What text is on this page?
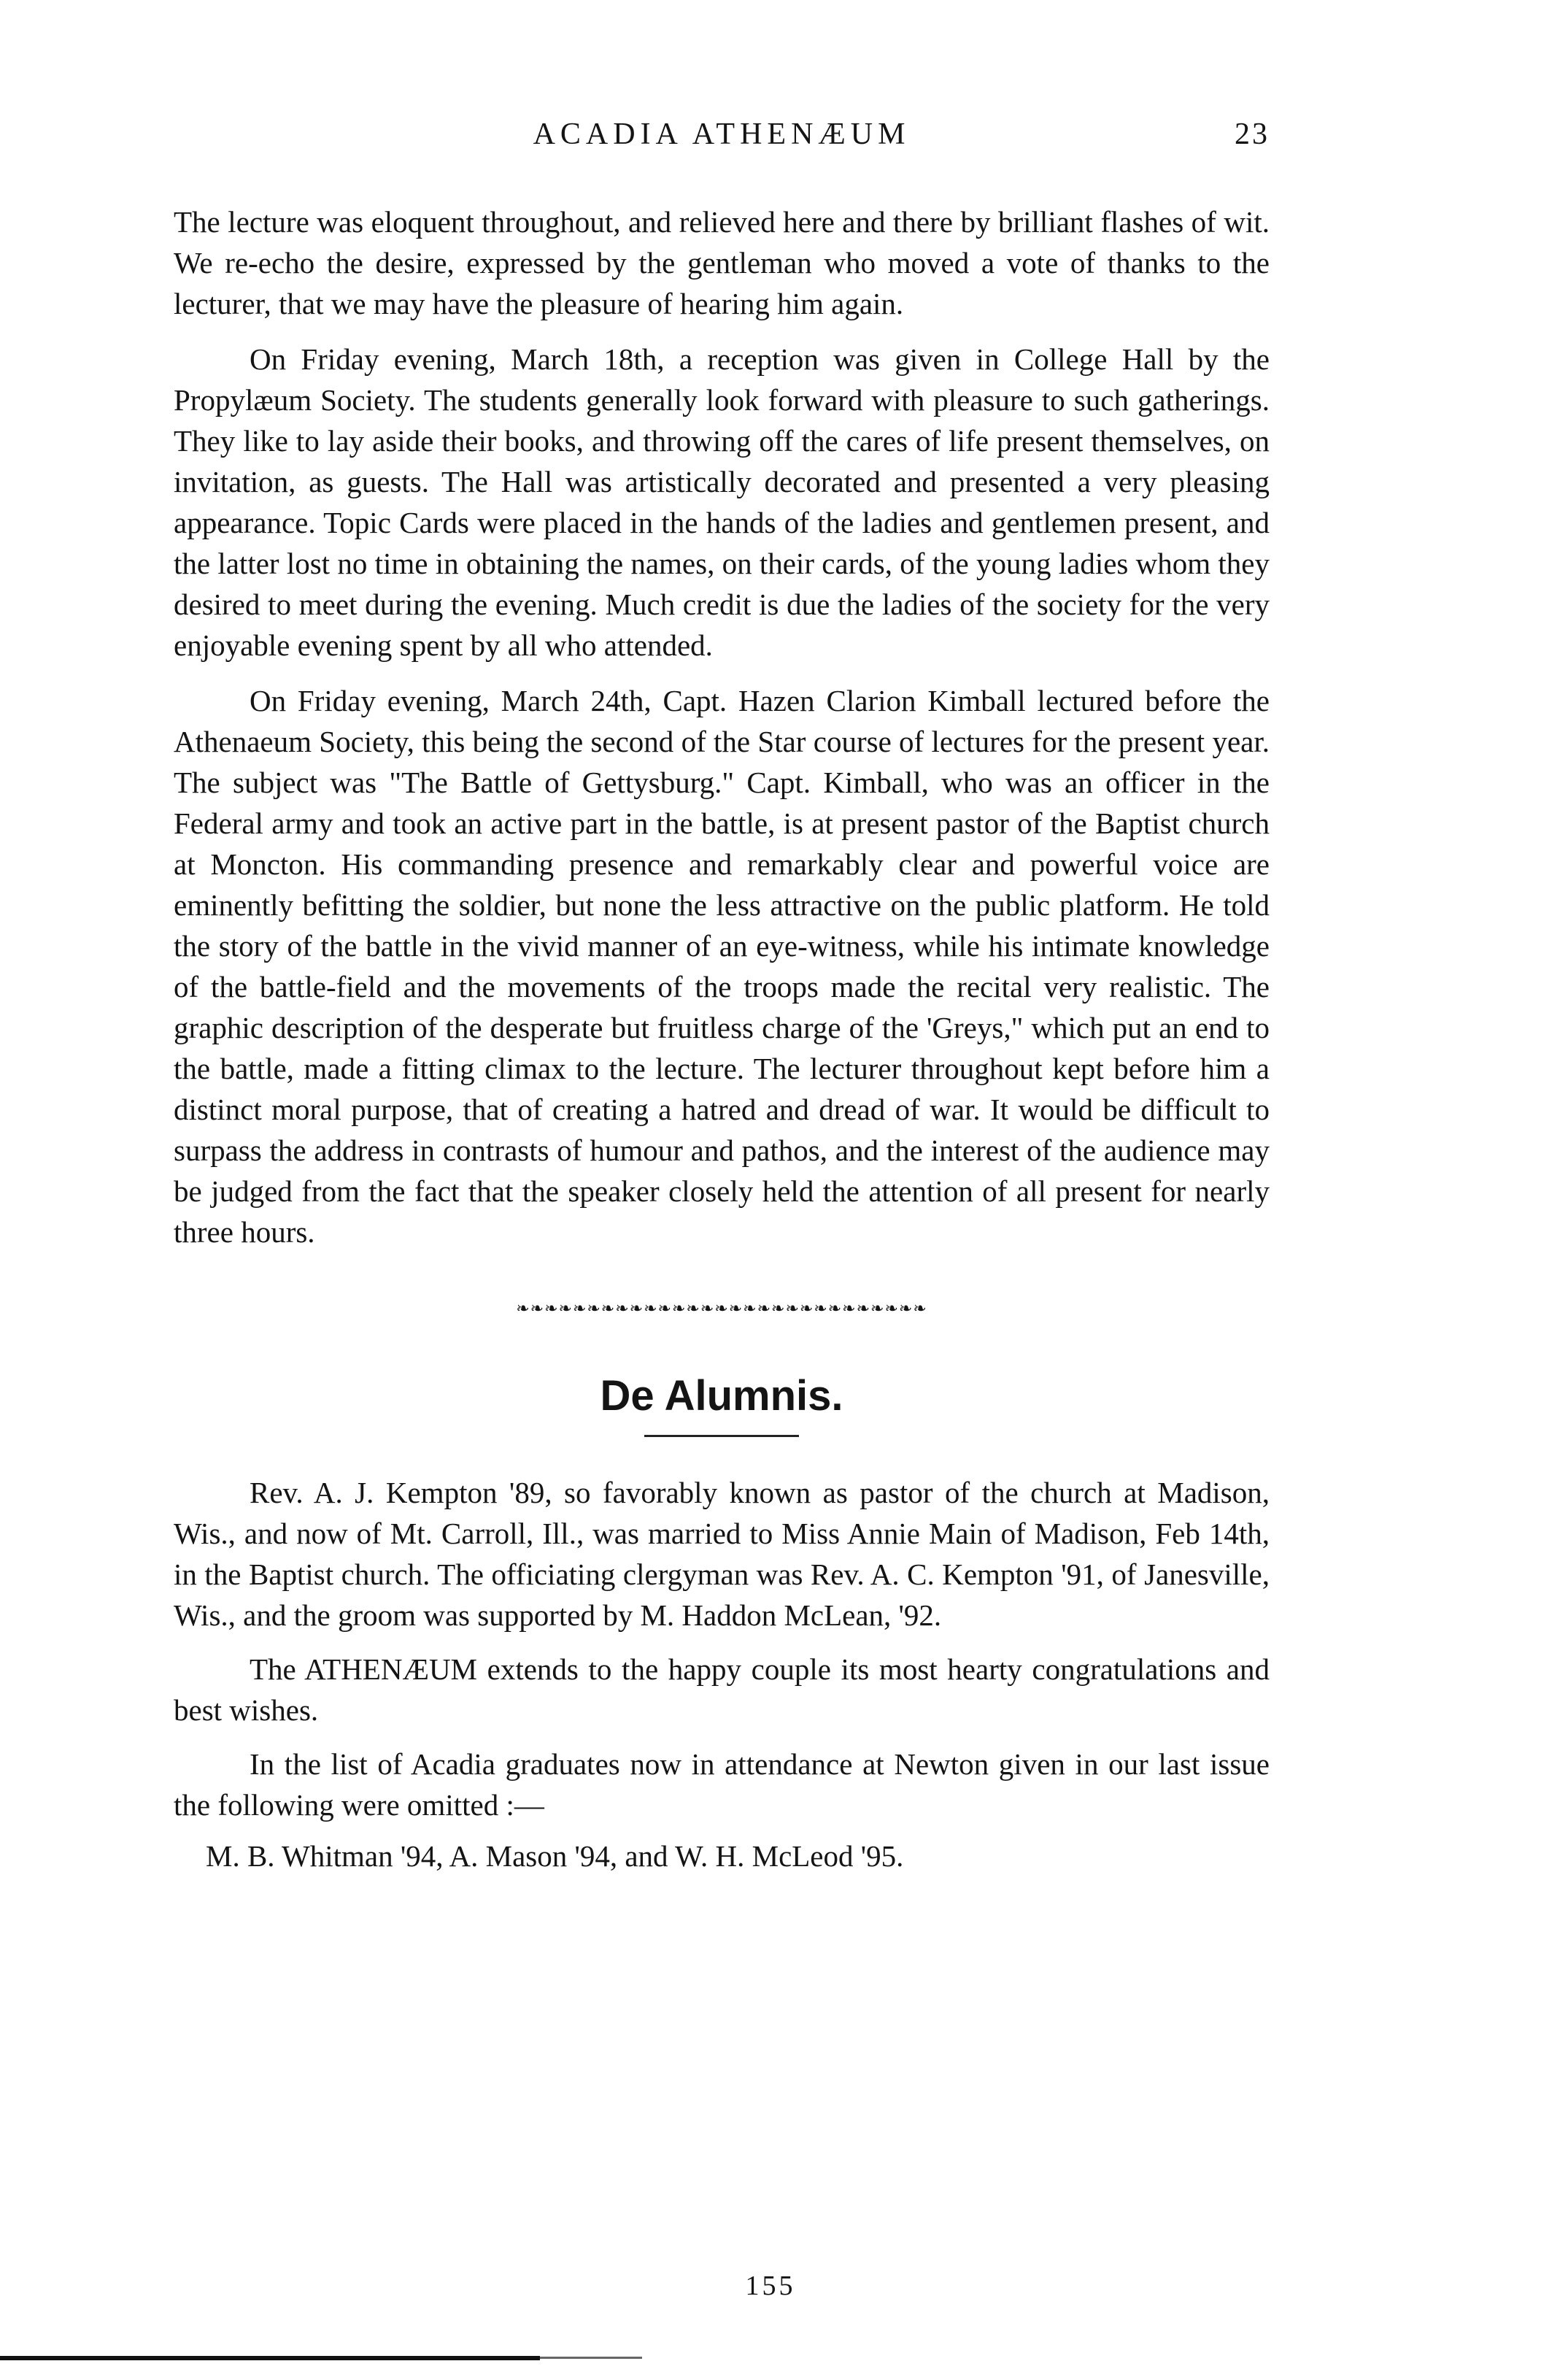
ACADIA ATHENÆUM	23

The lecture was eloquent throughout, and relieved here and there by brilliant flashes of wit. We re-echo the desire, expressed by the gentleman who moved a vote of thanks to the lecturer, that we may have the pleasure of hearing him again.

On Friday evening, March 18th, a reception was given in College Hall by the Propylæum Society. The students generally look forward with pleasure to such gatherings. They like to lay aside their books, and throwing off the cares of life present themselves, on invitation, as guests. The Hall was artistically decorated and presented a very pleasing appearance. Topic Cards were placed in the hands of the ladies and gentlemen present, and the latter lost no time in obtaining the names, on their cards, of the young ladies whom they desired to meet during the evening. Much credit is due the ladies of the society for the very enjoyable evening spent by all who attended.

On Friday evening, March 24th, Capt. Hazen Clarion Kimball lectured before the Athenaeum Society, this being the second of the Star course of lectures for the present year. The subject was "The Battle of Gettysburg." Capt. Kimball, who was an officer in the Federal army and took an active part in the battle, is at present pastor of the Baptist church at Moncton. His commanding presence and remarkably clear and powerful voice are eminently befitting the soldier, but none the less attractive on the public platform. He told the story of the battle in the vivid manner of an eye-witness, while his intimate knowledge of the battle-field and the movements of the troops made the recital very realistic. The graphic description of the desperate but fruitless charge of the 'Greys," which put an end to the battle, made a fitting climax to the lecture. The lecturer throughout kept before him a distinct moral purpose, that of creating a hatred and dread of war. It would be difficult to surpass the address in contrasts of humour and pathos, and the interest of the audience may be judged from the fact that the speaker closely held the attention of all present for nearly three hours.

❧❧❧❧❧❧❧❧❧❧❧❧❧❧❧❧❧❧❧❧❧❧❧❧❧❧❧❧❧
De Alumnis.

Rev. A. J. Kempton '89, so favorably known as pastor of the church at Madison, Wis., and now of Mt. Carroll, Ill., was married to Miss Annie Main of Madison, Feb 14th, in the Baptist church. The officiating clergyman was Rev. A. C. Kempton '91, of Janesville, Wis., and the groom was supported by M. Haddon McLean, '92.

The ATHENÆUM extends to the happy couple its most hearty congratulations and best wishes.

In the list of Acadia graduates now in attendance at Newton given in our last issue the following were omitted :—

M. B. Whitman '94, A. Mason '94, and W. H. McLeod '95.

155
